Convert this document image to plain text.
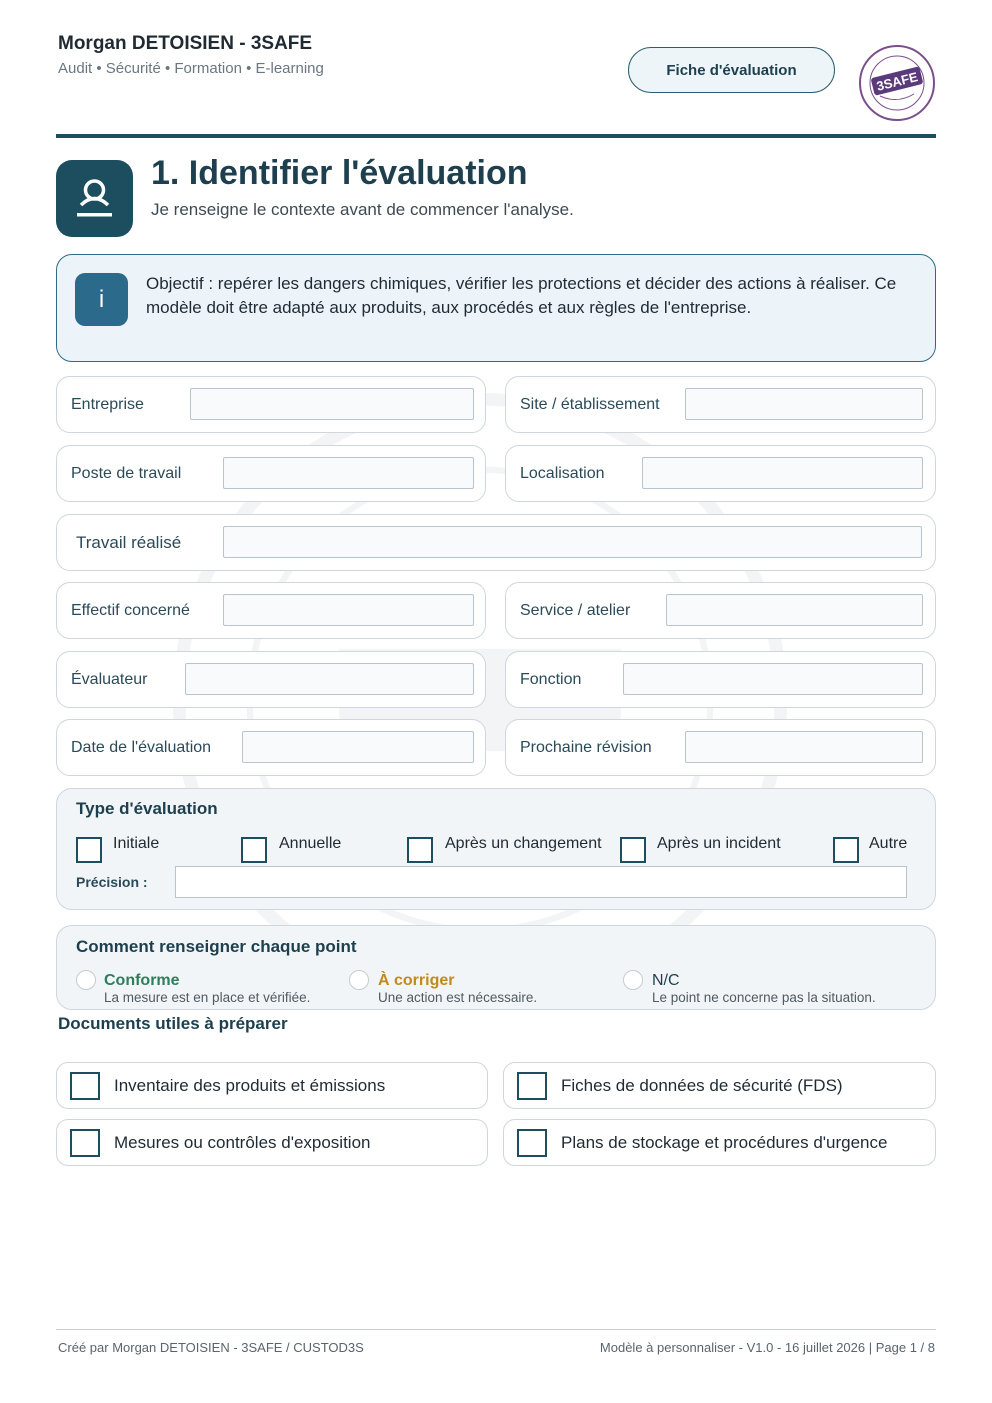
Morgan DETOISIEN - 3SAFE
Audit • Sécurité • Formation • E-learning	Fiche d'évaluation	3SAFE
1. Identifier l'évaluation
Je renseigne le contexte avant de commencer l'analyse.
i
Objectif : repérer les dangers chimiques, vérifier les protections et décider des actions à réaliser. Ce modèle doit être adapté aux produits, aux procédés et aux règles de l'entreprise.
Entreprise	Site / établissement
Poste de travail	Localisation
Travail réalisé
Effectif concerné	Service / atelier
Évaluateur	Fonction
Date de l'évaluation	Prochaine révision
Type d'évaluation
Initiale	Annuelle	Après un changement	Après un incident	Autre
Précision :
Comment renseigner chaque point
Conforme
La mesure est en place et vérifiée.
À corriger
Une action est nécessaire.
N/C
Le point ne concerne pas la situation.
Documents utiles à préparer
Inventaire des produits et émissions	Fiches de données de sécurité (FDS)
Mesures ou contrôles d'exposition	Plans de stockage et procédures d'urgence
Créé par Morgan DETOISIEN - 3SAFE / CUSTOD3S	Modèle à personnaliser - V1.0 - 16 juillet 2026 | Page 1 / 8
